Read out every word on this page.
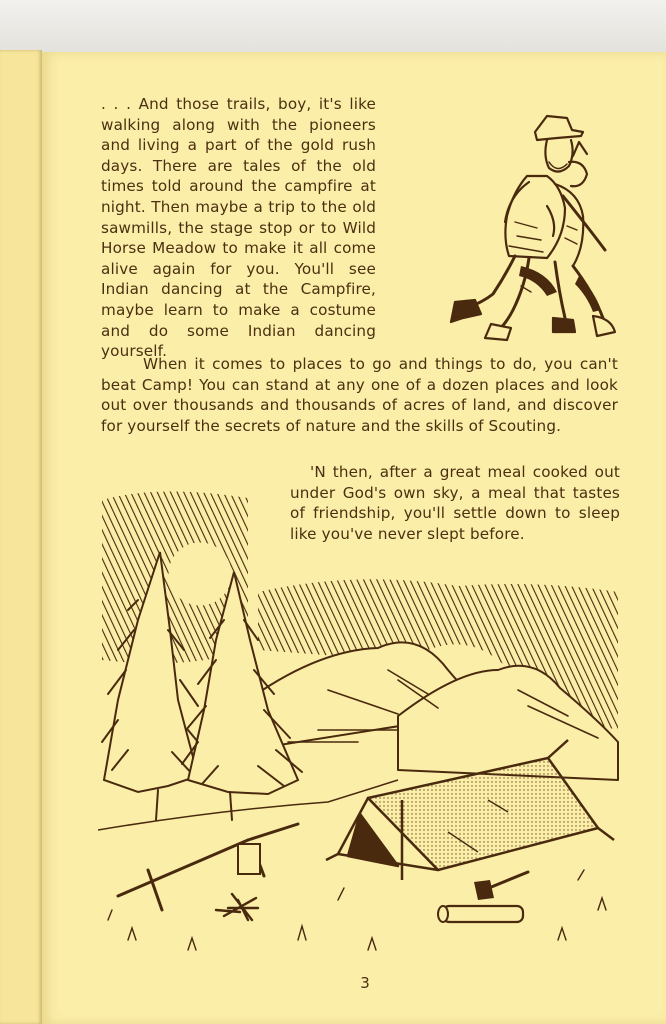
. . . And those trails, boy, it's like walking along with the pioneers and living a part of the gold rush days. There are tales of the old times told around the campfire at night. Then maybe a trip to the old sawmills, the stage stop or to Wild Horse Meadow to make it all come alive again for you. You'll see Indian dancing at the Campfire, maybe learn to make a costume and do some Indian dancing yourself.

When it comes to places to go and things to do, you can't beat Camp! You can stand at any one of a dozen places and look out over thousands and thousands of acres of land, and discover for yourself the secrets of nature and the skills of Scouting.

'N then, after a great meal cooked out under God's own sky, a meal that tastes of friendship, you'll settle down to sleep like you've never slept before.

3
